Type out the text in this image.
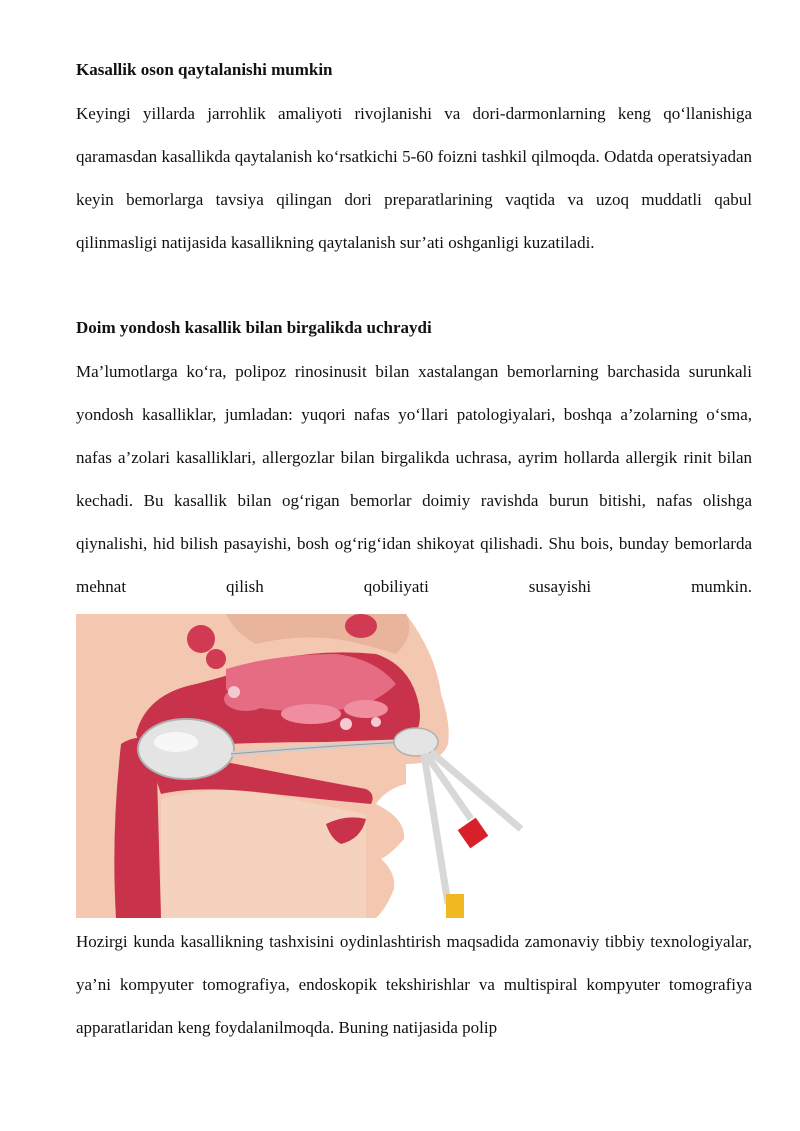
Kasallik oson qaytalanishi mumkin

Keyingi yillarda jarrohlik amaliyoti rivojlanishi va dori-darmonlarning keng qo‘llanishiga qaramasdan kasallikda qaytalanish ko‘rsatkichi 5-60 foizni tashkil qilmoqda. Odatda operatsiyadan keyin bemorlarga tavsiya qilingan dori preparatlarining vaqtida va uzoq muddatli qabul qilinmasligi natijasida kasallikning qaytalanish sur’ati oshganligi kuzatiladi.

Doim yondosh kasallik bilan birgalikda uchraydi

Ma’lumotlarga ko‘ra, polipoz rinosinusit bilan xastalangan bemorlarning barchasida surunkali yondosh kasalliklar, jumladan: yuqori nafas yo‘llari patologiyalari, boshqa a’zolarning o‘sma, nafas a’zolari kasalliklari, allergozlar bilan birgalikda uchrasa, ayrim hollarda allergik rinit bilan kechadi. Bu kasallik bilan og‘rigan bemorlar doimiy ravishda burun bitishi, nafas olishga qiynalishi, hid bilish pasayishi, bosh og‘rig‘idan shikoyat qilishadi. Shu bois, bunday bemorlarda mehnat qilish qobiliyati susayishi mumkin.

Hozirgi kunda kasallikning tashxisini oydinlashtirish maqsadida zamonaviy tibbiy texnologiyalar, ya’ni kompyuter tomografiya, endoskopik tekshirishlar va multispiral kompyuter tomografiya apparatlaridan keng foydalanilmoqda. Buning natijasida polip
